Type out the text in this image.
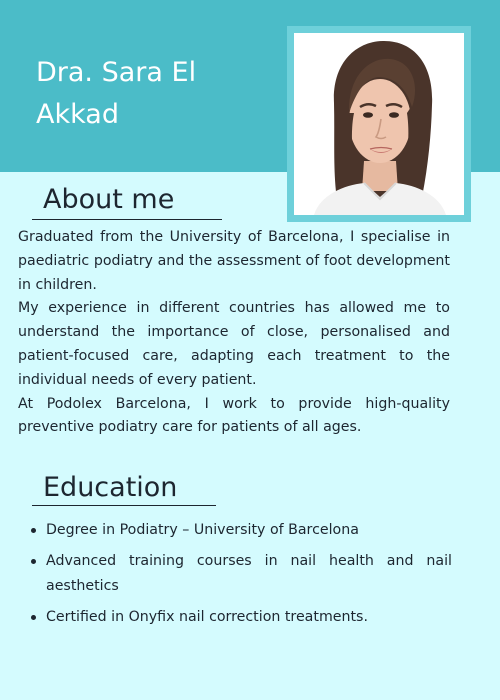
Dra. Sara El Akkad
About me

Graduated from the University of Barcelona, I specialise in paediatric podiatry and the assessment of foot development in children.

My experience in different countries has allowed me to understand the importance of close, personalised and patient-focused care, adapting each treatment to the individual needs of every patient.

At Podolex Barcelona, I work to provide high-quality preventive podiatry care for patients of all ages.

Education
Degree in Podiatry – University of Barcelona
Advanced training courses in nail health and nail aesthetics
Certified in Onyfix nail correction treatments.
